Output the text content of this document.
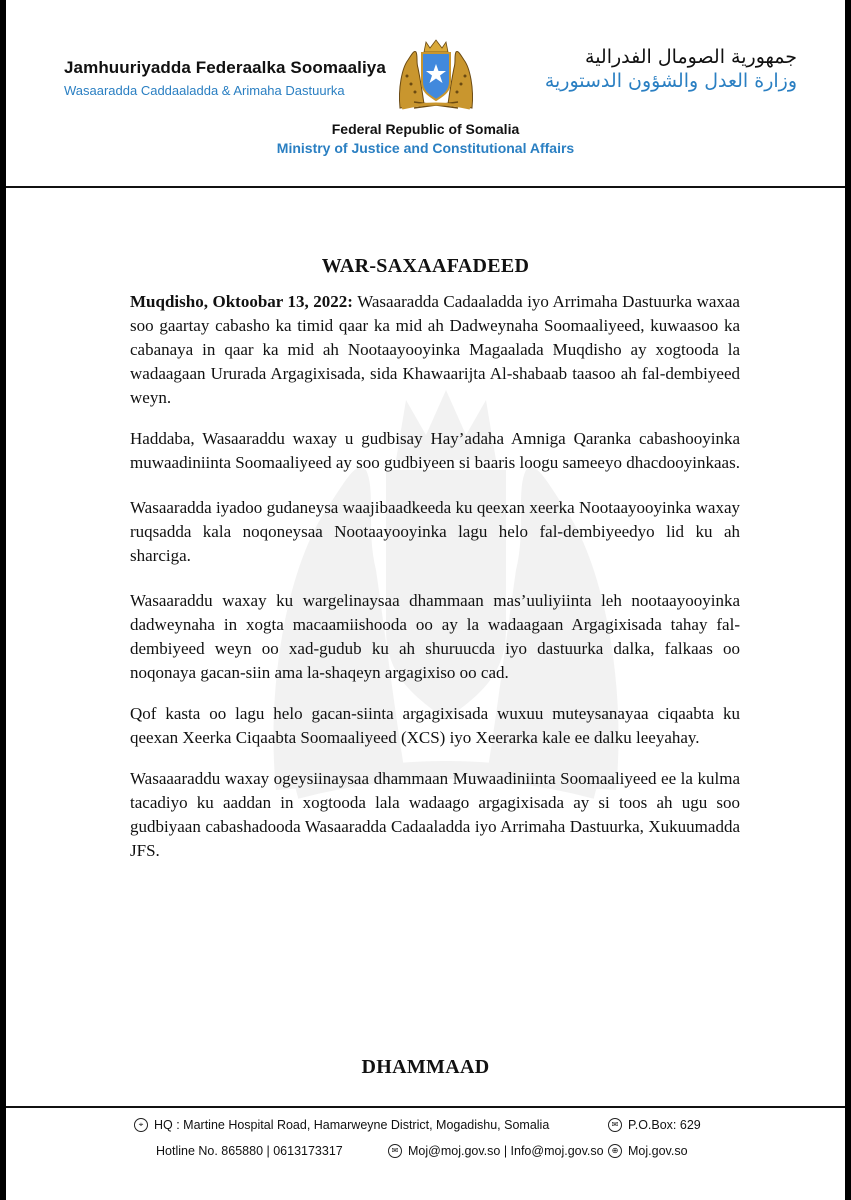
Jamhuuriyadda Federaalka Soomaaliya
Wasaaradda Caddaaladda & Arimaha Dastuurka
جمهورية الصومال الفدرالية
وزارة العدل والشؤون الدستورية
Federal Republic of Somalia
Ministry of Justice and Constitutional Affairs
WAR-SAXAAFADEED

Muqdisho, Oktoobar 13, 2022: Wasaaradda Cadaaladda iyo Arrimaha Dastuurka waxaa soo gaartay cabasho ka timid qaar ka mid ah Dadweynaha Soomaaliyeed, kuwaasoo ka cabanaya in qaar ka mid ah Nootaayooyinka Magaalada Muqdisho ay xogtooda la wadaagaan Ururada Argagixisada, sida Khawaarijta Al-shabaab taasoo ah fal-dembiyeed weyn.

Haddaba, Wasaaraddu waxay u gudbisay Hay’adaha Amniga Qaranka cabashooyinka muwaadiniinta Soomaaliyeed ay soo gudbiyeen si baaris loogu sameeyo dhacdooyinkaas.

Wasaaradda iyadoo gudaneysa waajibaadkeeda ku qeexan xeerka Nootaayooyinka waxay ruqsadda kala noqoneysaa Nootaayooyinka lagu helo fal-dembiyeedyo lid ku ah sharciga.

Wasaaraddu waxay ku wargelinaysaa dhammaan mas’uuliyiinta leh nootaayooyinka dadweynaha in xogta macaamiishooda oo ay la wadaagaan Argagixisada tahay fal-dembiyeed weyn oo xad-gudub ku ah shuruucda iyo dastuurka dalka, falkaas oo noqonaya gacan-siin ama la-shaqeyn argagixiso oo cad.

Qof kasta oo lagu helo gacan-siinta argagixisada wuxuu muteysanayaa ciqaabta ku qeexan Xeerka Ciqaabta Soomaaliyeed (XCS) iyo Xeerarka kale ee dalku leeyahay.

Wasaaaraddu waxay ogeysiinaysaa dhammaan Muwaadiniinta Soomaaliyeed ee la kulma tacadiyo ku aaddan in xogtooda lala wadaago argagixisada ay si toos ah ugu soo gudbiyaan cabashadooda Wasaaradda Cadaaladda iyo Arrimaha Dastuurka, Xukuumadda JFS.

DHAMMAAD
⌖ HQ : Martine Hospital Road, Hamarweyne District, Mogadishu, Somalia	✉ P.O.Box: 629
Hotline No. 865880 | 0613173317	✉ Moj@moj.gov.so | Info@moj.gov.so	⊕ Moj.gov.so
